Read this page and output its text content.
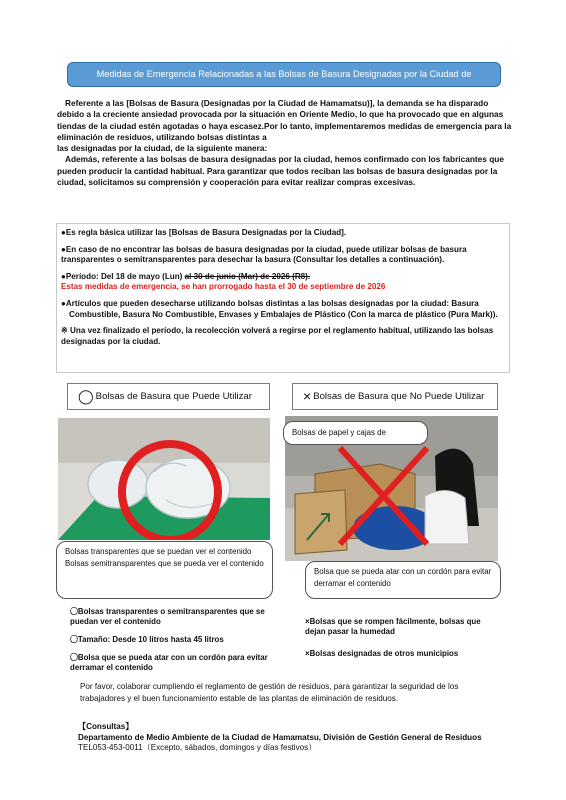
Medidas de Emergencia Relacionadas a las Bolsas de Basura Designadas por la Ciudad de

Referente a las [Bolsas de Basura (Designadas por la Ciudad de Hamamatsu)], la demanda se ha disparado debido a la creciente ansiedad provocada por la situación en Oriente Medio, lo que ha provocado que en algunas tiendas de la ciudad estén agotadas o haya escasez.Por lo tanto, implementaremos medidas de emergencia para la eliminación de residuos, utilizando bolsas distintas a

las designadas por la ciudad, de la siguiente manera:

Además, referente a las bolsas de basura designadas por la ciudad, hemos confirmado con los fabricantes que pueden producir la cantidad habitual. Para garantizar que todos reciban las bolsas de basura designadas por la ciudad, solicitamos su comprensión y cooperación para evitar realizar compras excesivas.

●Es regla básica utilizar las [Bolsas de Basura Designadas por la Ciudad].
●En caso de no encontrar las bolsas de basura designadas por la ciudad, puede utilizar bolsas de basura transparentes o semitransparentes para desechar la basura (Consultar los detalles a continuación).
●Período: Del 18 de mayo (Lun) al 30 de junio (Mar) de 2026 (R8).
Estas medidas de emergencia, se han prorrogado hasta el 30 de septiembre de 2026
●Artículos que pueden desecharse utilizando bolsas distintas a las bolsas designadas por la ciudad: Basura
Combustible, Basura No Combustible, Envases y Embalajes de Plástico (Con la marca de plástico (Pura Mark)).
※ Una vez finalizado el período, la recolección volverá a regirse por el reglamento habitual, utilizando las bolsas designadas por la ciudad.
◯ Bolsas de Basura que Puede Utilizar
Bolsas transparentes que se puedan ver el contenido
Bolsas semitransparentes que se pueda ver el contenido
〇Bolsas transparentes o semitransparentes que se puedan ver el contenido
〇Tamaño: Desde 10 litros hasta 45 litros
〇Bolsa que se pueda atar con un cordón para evitar derramar el contenido
× Bolsas de Basura que No Puede Utilizar
Bolsas de papel y cajas de
Bolsa que se pueda atar con un cordón para evitar derramar el contenido
×Bolsas que se rompen fácilmente, bolsas que dejan pasar la humedad
×Bolsas designadas de otros municipios
Por favor, colaborar cumpliendo el reglamento de gestión de residuos, para garantizar la seguridad de los
trabajadores y el buen funcionamiento estable de las plantas de eliminación de residuos.
【Consultas】
Departamento de Medio Ambiente de la Ciudad de Hamamatsu, División de Gestión General de Residuos
TEL053-453-0011（Excepto, sábados, domingos y días festivos）
